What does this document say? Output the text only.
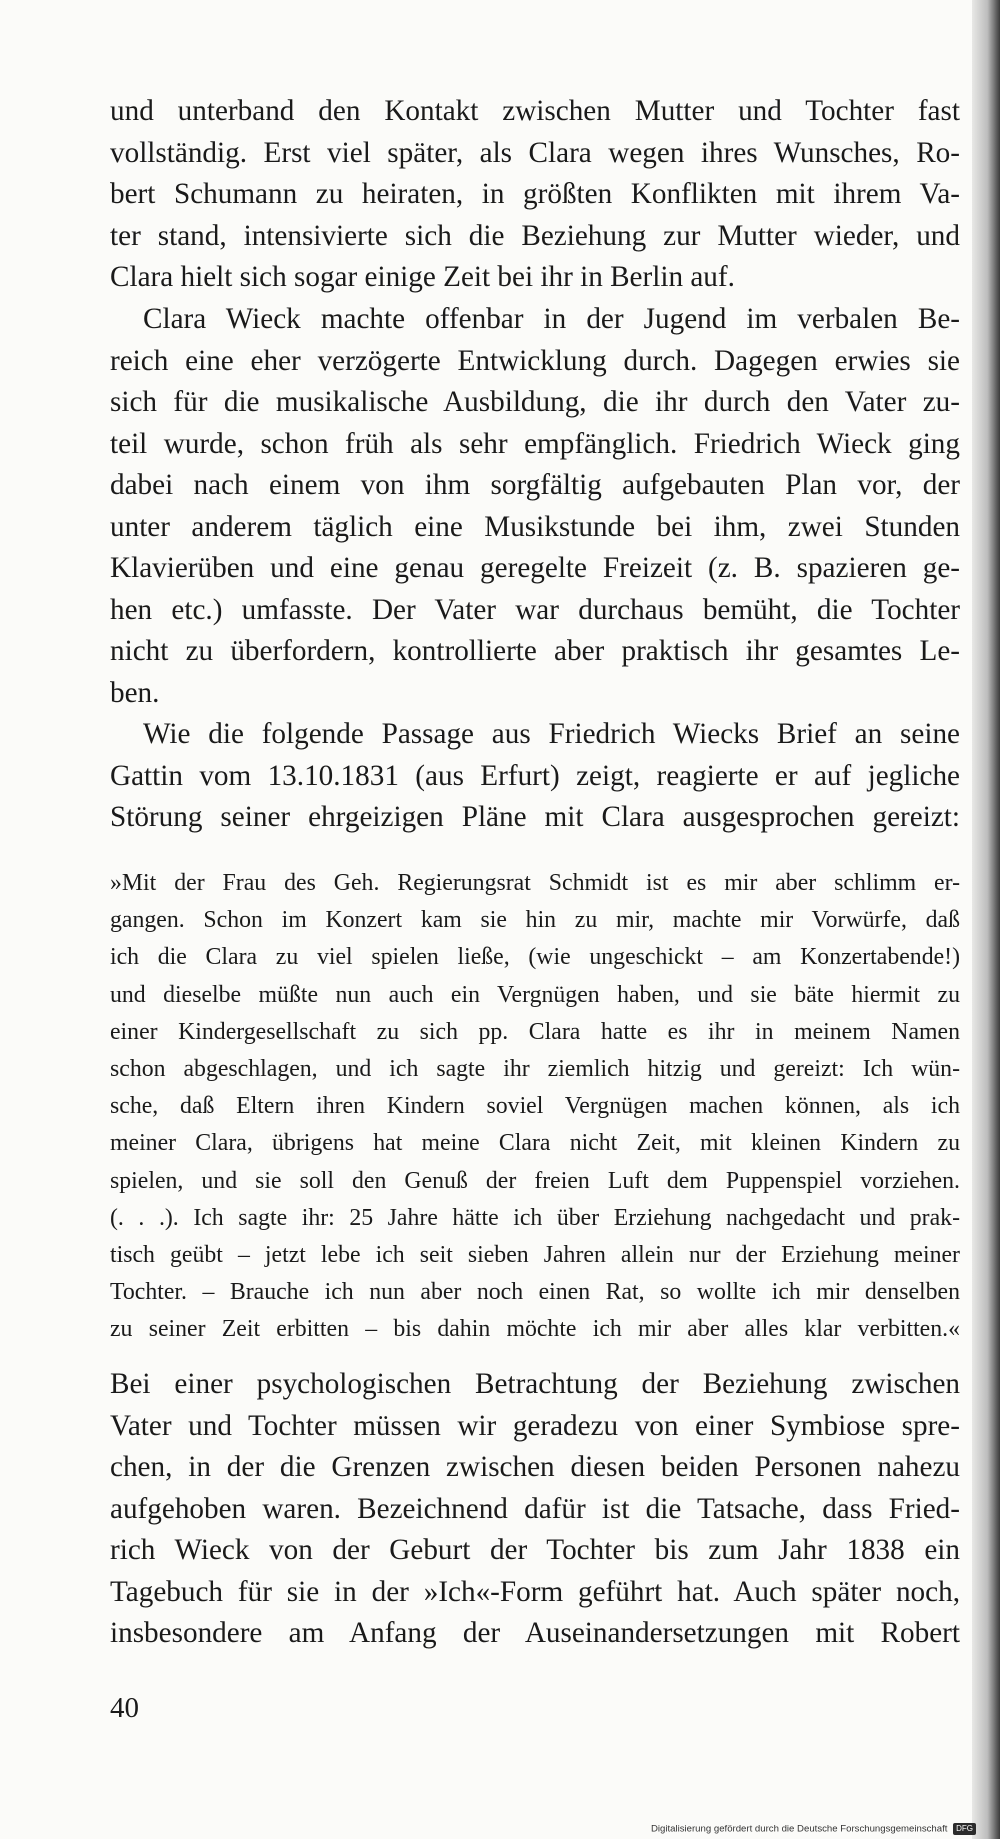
und unterband den Kontakt zwischen Mutter und Tochter fast
vollständig. Erst viel später, als Clara wegen ihres Wunsches, Ro-
bert Schumann zu heiraten, in größten Konflikten mit ihrem Va-
ter stand, intensivierte sich die Beziehung zur Mutter wieder, und
Clara hielt sich sogar einige Zeit bei ihr in Berlin auf.
Clara Wieck machte offenbar in der Jugend im verbalen Be-
reich eine eher verzögerte Entwicklung durch. Dagegen erwies sie
sich für die musikalische Ausbildung, die ihr durch den Vater zu-
teil wurde, schon früh als sehr empfänglich. Friedrich Wieck ging
dabei nach einem von ihm sorgfältig aufgebauten Plan vor, der
unter anderem täglich eine Musikstunde bei ihm, zwei Stunden
Klavierüben und eine genau geregelte Freizeit (z. B. spazieren ge-
hen etc.) umfasste. Der Vater war durchaus bemüht, die Tochter
nicht zu überfordern, kontrollierte aber praktisch ihr gesamtes Le-
ben.
Wie die folgende Passage aus Friedrich Wiecks Brief an seine
Gattin vom 13.10.1831 (aus Erfurt) zeigt, reagierte er auf jegliche
Störung seiner ehrgeizigen Pläne mit Clara ausgesprochen gereizt:
»Mit der Frau des Geh. Regierungsrat Schmidt ist es mir aber schlimm er-
gangen. Schon im Konzert kam sie hin zu mir, machte mir Vorwürfe, daß
ich die Clara zu viel spielen ließe, (wie ungeschickt – am Konzertabende!)
und dieselbe müßte nun auch ein Vergnügen haben, und sie bäte hiermit zu
einer Kindergesellschaft zu sich pp. Clara hatte es ihr in meinem Namen
schon abgeschlagen, und ich sagte ihr ziemlich hitzig und gereizt: Ich wün-
sche, daß Eltern ihren Kindern soviel Vergnügen machen können, als ich
meiner Clara, übrigens hat meine Clara nicht Zeit, mit kleinen Kindern zu
spielen, und sie soll den Genuß der freien Luft dem Puppenspiel vorziehen.
(. . .). Ich sagte ihr: 25 Jahre hätte ich über Erziehung nachgedacht und prak-
tisch geübt – jetzt lebe ich seit sieben Jahren allein nur der Erziehung meiner
Tochter. – Brauche ich nun aber noch einen Rat, so wollte ich mir denselben
zu seiner Zeit erbitten – bis dahin möchte ich mir aber alles klar verbitten.«
Bei einer psychologischen Betrachtung der Beziehung zwischen
Vater und Tochter müssen wir geradezu von einer Symbiose spre-
chen, in der die Grenzen zwischen diesen beiden Personen nahezu
aufgehoben waren. Bezeichnend dafür ist die Tatsache, dass Fried-
rich Wieck von der Geburt der Tochter bis zum Jahr 1838 ein
Tagebuch für sie in der »Ich«-Form geführt hat. Auch später noch,
insbesondere am Anfang der Auseinandersetzungen mit Robert
40
Digitalisierung gefördert durch die Deutsche Forschungsgemeinschaft DFG
